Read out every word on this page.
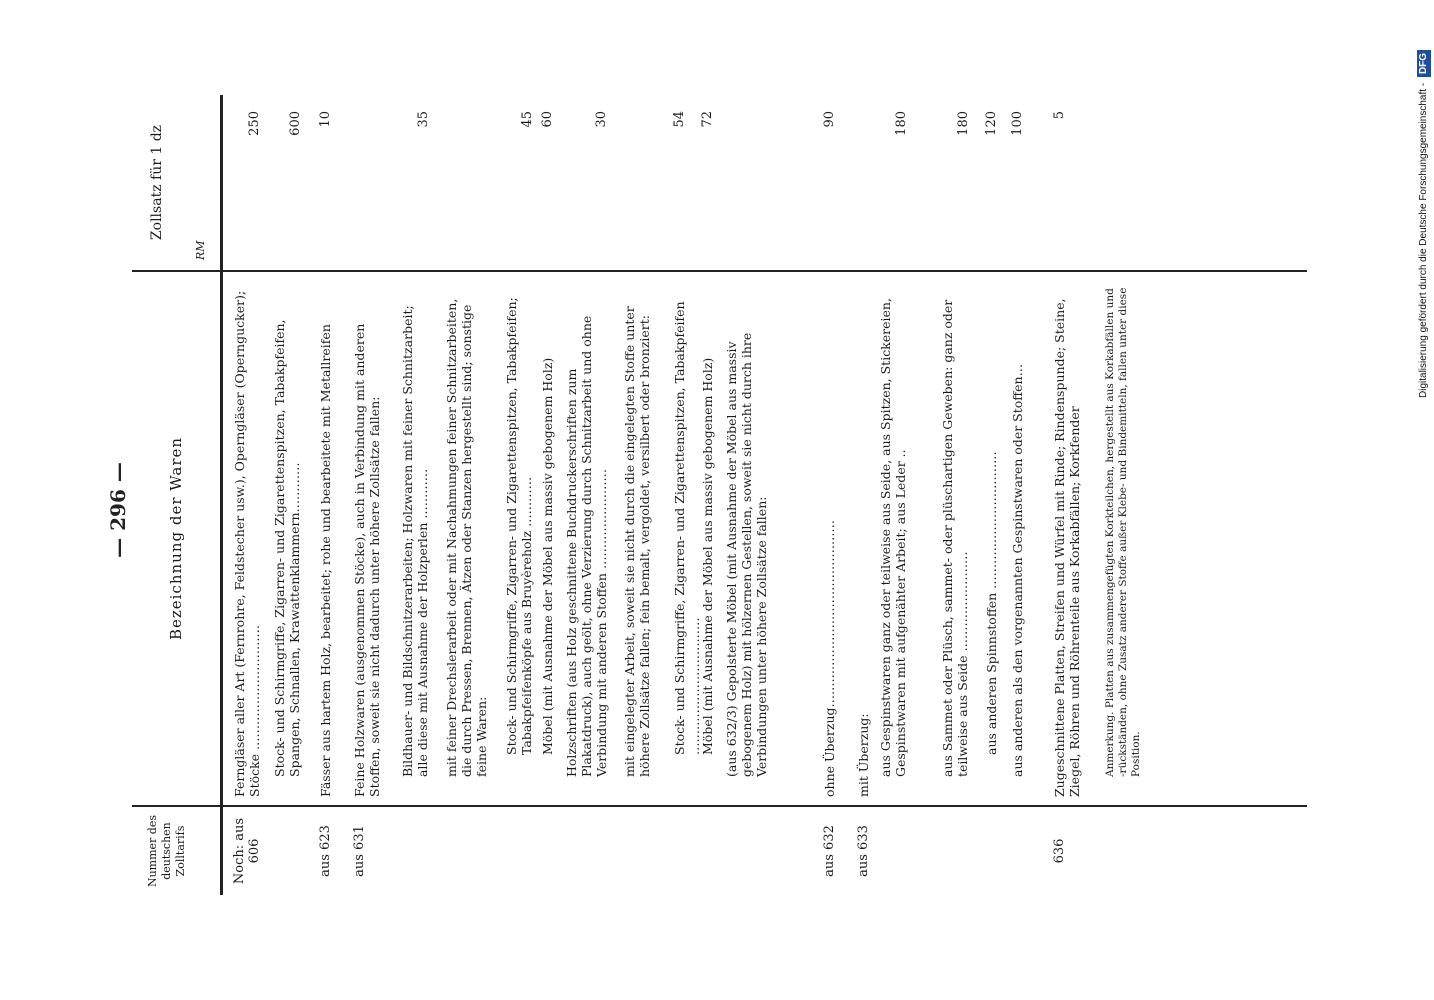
— 296 —
Nummer des deutschen Zolltarifs
Bezeichnung der Waren
Zollsatz für 1 dz
RM
Noch: aus 606
Ferngläser aller Art (Fernrohre, Feldstecher usw.), Operngläser (Operngucker); Stöcke …………………………
250
Stock- und Schirmgriffe, Zigarren- und Zigarettenspitzen, Tabakpfeifen, Spangen, Schnallen, Krawattenklammern…………
600
aus 623
Fässer aus hartem Holz, bearbeitet; rohe und bearbeitete mit Metallreifen
10
aus 631
Feine Holzwaren (ausgenommen Stöcke), auch in Verbindung mit anderen Stoffen, soweit sie nicht dadurch unter höhere Zollsätze fallen: Bildhauer- und Bildschnitzerarbeiten; Holzwaren mit feiner Schnitzarbeit; alle diese mit Ausnahme der Holzperlen …………
35
mit feiner Drechslerarbeit oder mit Nachahmungen feiner Schnitzarbeiten, die durch Pressen, Brennen, Ätzen oder Stanzen hergestellt sind; sonstige feine Waren: Stock- und Schirmgriffe, Zigarren- und Zigarettenspitzen, Tabakpfeifen; Tabakpfeifenköpfe aus Bruyèreholz …………
45
Möbel (mit Ausnahme der Möbel aus massiv gebogenem Holz)
60
Holzschriften (aus Holz geschnittene Buchdruckerschriften zum Plakatdruck), auch geölt, ohne Verzierung durch Schnitzarbeit und ohne Verbindung mit anderen Stoffen ……………………
30
mit eingelegter Arbeit, soweit sie nicht durch die eingelegten Stoffe unter höhere Zollsätze fallen; fein bemalt, vergoldet, versilbert oder bronziert: Stock- und Schirmgriffe, Zigarren- und Zigarettenspitzen, Tabakpfeifen ……………………………
54
Möbel (mit Ausnahme der Möbel aus massiv gebogenem Holz)
72
(aus 632/3) Gepolsterte Möbel (mit Ausnahme der Möbel aus massiv gebogenem Holz) mit hölzernen Gestellen, soweit sie nicht durch ihre Verbindungen unter höhere Zollsätze fallen:
aus 632
ohne Überzug………………………………………
90
aus 633
mit Überzug: aus Gespinstwaren ganz oder teilweise aus Seide, aus Spitzen, Stickereien, Gespinstwaren mit aufgenähter Arbeit; aus Leder ..
180
aus Sammet oder Plüsch, sammet- oder plüschartigen Geweben: ganz oder teilweise aus Seide ……………………
180
aus anderen Spinnstoffen ……………………………
120
aus anderen als den vorgenannten Gespinstwaren oder Stoffen…
100
636
Zugeschnittene Platten, Streifen und Würfel mit Rinde; Rindenspunde; Steine, Ziegel, Röhren und Röhrenteile aus Korkabfällen; Korkfender
5
Anmerkung. Platten aus zusammengefügten Korkteilchen, hergestellt aus Korkabfällen und -rückständen, ohne Zusatz anderer Stoffe außer Klebe- und Bindemitteln, fallen unter diese Position.
Digitalisierung gefördert durch die Deutsche Forschungsgemeinschaft - DFG
